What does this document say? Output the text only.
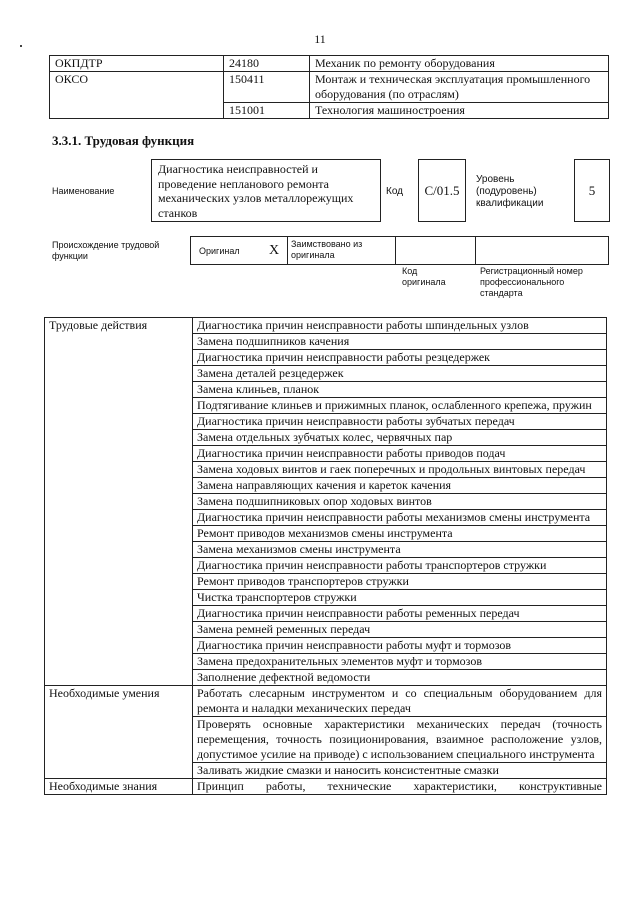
11
ОКПДТР	24180	Механик по ремонту оборудования
ОКСО	150411	Монтаж и техническая эксплуатация промышленного оборудования (по отраслям)
	151001	Технология машиностроения
3.3.1. Трудовая функция
Наименование
Диагностика неисправностей и проведение непланового ремонта механических узлов металлорежущих станков
Код С/01.5
Уровень (подуровень) квалификации
5
Происхождение трудовой функции	Оригинал X Заимствовано из оригинала
Код оригинала
Регистрационный номер профессионального стандарта
Трудовые действия	Диагностика причин неисправности работы шпиндельных узлов
	Замена подшипников качения
	Диагностика причин неисправности работы резцедержек
	Замена деталей резцедержек
	Замена клиньев, планок
	Подтягивание клиньев и прижимных планок, ослабленного крепежа, пружин
	Диагностика причин неисправности работы зубчатых передач
	Замена отдельных зубчатых колес, червячных пар
	Диагностика причин неисправности работы приводов подач
	Замена ходовых винтов и гаек поперечных и продольных винтовых передач
	Замена направляющих качения и кареток качения
	Замена подшипниковых опор ходовых винтов
	Диагностика причин неисправности работы механизмов смены инструмента
	Ремонт приводов механизмов смены инструмента
	Замена механизмов смены инструмента
	Диагностика причин неисправности работы транспортеров стружки
	Ремонт приводов транспортеров стружки
	Чистка транспортеров стружки
	Диагностика причин неисправности работы ременных передач
	Замена ремней ременных передач
	Диагностика причин неисправности работы муфт и тормозов
	Замена предохранительных элементов муфт и тормозов
	Заполнение дефектной ведомости
Необходимые умения	Работать слесарным инструментом и со специальным оборудованием для ремонта и наладки механических передач
	Проверять основные характеристики механических передач (точность перемещения, точность позиционирования, взаимное расположение узлов, допустимое усилие на приводе) с использованием специального инструмента
	Заливать жидкие смазки и наносить консистентные смазки
Необходимые знания	Принцип работы, технические характеристики, конструктивные
